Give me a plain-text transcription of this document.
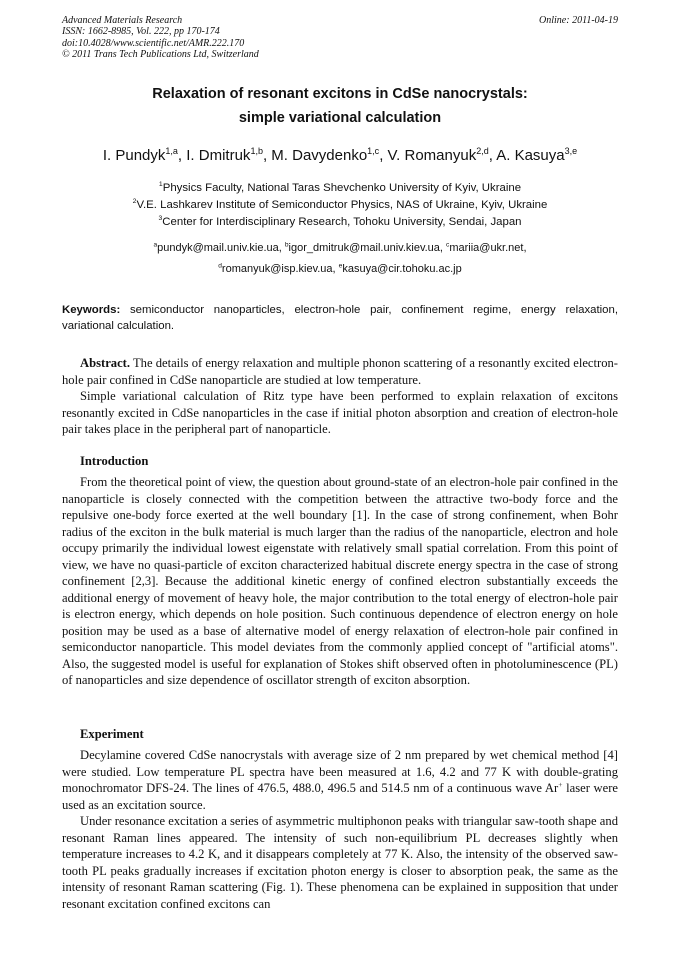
Advanced Materials Research
ISSN: 1662-8985, Vol. 222, pp 170-174
doi:10.4028/www.scientific.net/AMR.222.170
© 2011 Trans Tech Publications Ltd, Switzerland
Online: 2011-04-19
Relaxation of resonant excitons in CdSe nanocrystals:
simple variational calculation
I. Pundyk$^{1,a}$, I. Dmitruk$^{1,b}$, M. Davydenko$^{1,c}$, V. Romanyuk$^{2,d}$, A. Kasuya$^{3,e}$
$^1$Physics Faculty, National Taras Shevchenko University of Kyiv, Ukraine
$^2$V.E. Lashkarev Institute of Semiconductor Physics, NAS of Ukraine, Kyiv, Ukraine
$^3$Center for Interdisciplinary Research, Tohoku University, Sendai, Japan
$^a$pundyk@mail.univ.kie.ua, $^b$igor_dmitruk@mail.univ.kiev.ua, $^c$mariia@ukr.net,
$^d$romanyuk@isp.kiev.ua, $^e$kasuya@cir.tohoku.ac.jp
Keywords: semiconductor nanoparticles, electron-hole pair, confinement regime, energy relaxation, variational calculation.

Abstract. The details of energy relaxation and multiple phonon scattering of a resonantly excited electron-hole pair confined in CdSe nanoparticle are studied at low temperature.

Simple variational calculation of Ritz type have been performed to explain relaxation of excitons resonantly excited in CdSe nanoparticles in the case if initial photon absorption and creation of electron-hole pair takes place in the peripheral part of nanoparticle.

Introduction

From the theoretical point of view, the question about ground-state of an electron-hole pair confined in the nanoparticle is closely connected with the competition between the attractive two-body force and the repulsive one-body force exerted at the well boundary [1]. In the case of strong confinement, when Bohr radius of the exciton in the bulk material is much larger than the radius of the nanoparticle, electron and hole occupy primarily the individual lowest eigenstate with relatively small spatial correlation. From this point of view, we have no quasi-particle of exciton characterized habitual discrete energy spectra in the case of strong confinement [2,3]. Because the additional kinetic energy of confined electron substantially exceeds the additional energy of movement of heavy hole, the major contribution to the total energy of electron-hole pair is electron energy, which depends on hole position. Such continuous dependence of electron energy on hole position may be used as a base of alternative model of energy relaxation of electron-hole pair confined in semiconductor nanoparticle. This model deviates from the commonly applied concept of "artificial atoms". Also, the suggested model is useful for explanation of Stokes shift observed often in photoluminescence (PL) of nanoparticles and size dependence of oscillator strength of exciton absorption.

Experiment

Decylamine covered CdSe nanocrystals with average size of 2 nm prepared by wet chemical method [4] were studied. Low temperature PL spectra have been measured at 1.6, 4.2 and 77 K with double-grating monochromator DFS-24. The lines of 476.5, 488.0, 496.5 and 514.5 nm of a continuous wave Ar+ laser were used as an excitation source.

Under resonance excitation a series of asymmetric multiphonon peaks with triangular saw-tooth shape and resonant Raman lines appeared. The intensity of such non-equilibrium PL decreases slightly when temperature increases to 4.2 K, and it disappears completely at 77 K. Also, the intensity of the observed saw-tooth PL peaks gradually increases if excitation photon energy is closer to absorption peak, the same as the intensity of resonant Raman scattering (Fig. 1). These phenomena can be explained in supposition that under resonant excitation confined excitons can
